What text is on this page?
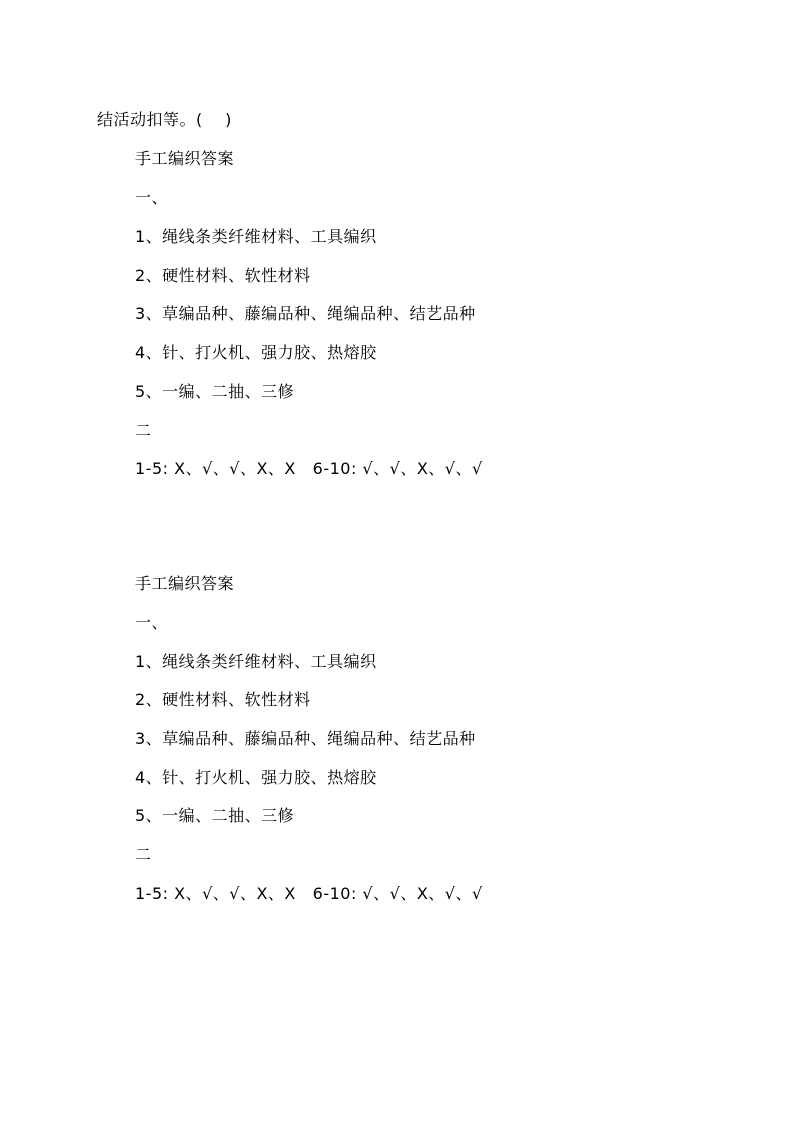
结活动扣等。(    )
手工编织答案
一、
1、绳线条类纤维材料、工具编织
2、硬性材料、软性材料
3、草编品种、藤编品种、绳编品种、结艺品种
4、针、打火机、强力胶、热熔胶
5、一编、二抽、三修
二
1-5: X、√、√、X、X   6-10: √、√、X、√、√
手工编织答案
一、
1、绳线条类纤维材料、工具编织
2、硬性材料、软性材料
3、草编品种、藤编品种、绳编品种、结艺品种
4、针、打火机、强力胶、热熔胶
5、一编、二抽、三修
二
1-5: X、√、√、X、X   6-10: √、√、X、√、√
